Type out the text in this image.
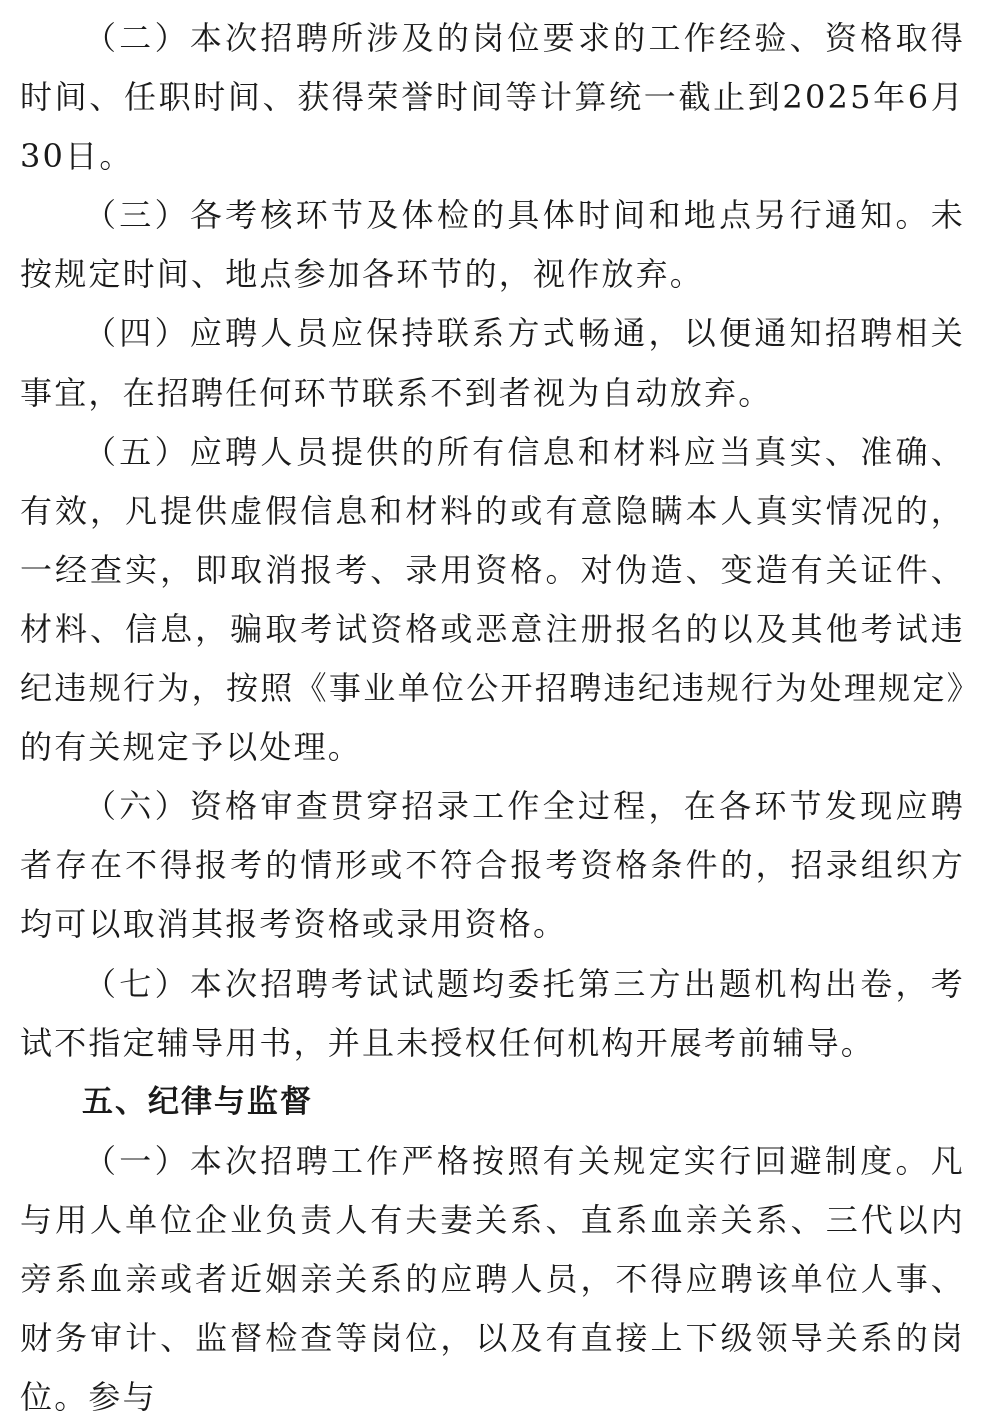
（二）本次招聘所涉及的岗位要求的工作经验、资格取得时间、任职时间、获得荣誉时间等计算统一截止到2025年6月30日。

（三）各考核环节及体检的具体时间和地点另行通知。未按规定时间、地点参加各环节的，视作放弃。

（四）应聘人员应保持联系方式畅通，以便通知招聘相关事宜，在招聘任何环节联系不到者视为自动放弃。

（五）应聘人员提供的所有信息和材料应当真实、准确、有效，凡提供虚假信息和材料的或有意隐瞒本人真实情况的，一经查实，即取消报考、录用资格。对伪造、变造有关证件、材料、信息，骗取考试资格或恶意注册报名的以及其他考试违纪违规行为，按照《事业单位公开招聘违纪违规行为处理规定》的有关规定予以处理。

（六）资格审查贯穿招录工作全过程，在各环节发现应聘者存在不得报考的情形或不符合报考资格条件的，招录组织方均可以取消其报考资格或录用资格。

（七）本次招聘考试试题均委托第三方出题机构出卷，考试不指定辅导用书，并且未授权任何机构开展考前辅导。

五、纪律与监督

（一）本次招聘工作严格按照有关规定实行回避制度。凡与用人单位企业负责人有夫妻关系、直系血亲关系、三代以内旁系血亲或者近姻亲关系的应聘人员，不得应聘该单位人事、财务审计、监督检查等岗位，以及有直接上下级领导关系的岗位。参与
